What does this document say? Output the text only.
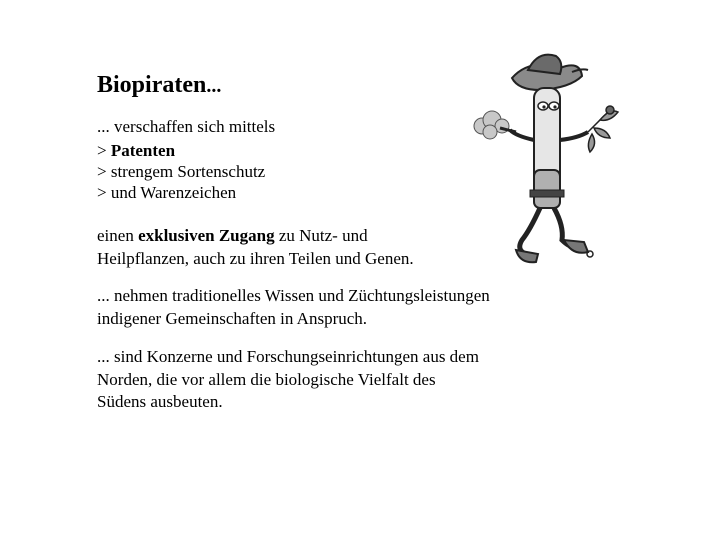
Biopiraten...

... verschaffen sich mittels

> Patenten
> strengem Sortenschutz
> und Warenzeichen

einen exklusiven Zugang zu Nutz- und
Heilpflanzen, auch zu ihren Teilen und Genen.

... nehmen traditionelles Wissen und Züchtungsleistungen
indigener Gemeinschaften in Anspruch.

... sind Konzerne und Forschungseinrichtungen aus dem
Norden, die vor allem die biologische Vielfalt des
Südens ausbeuten.
